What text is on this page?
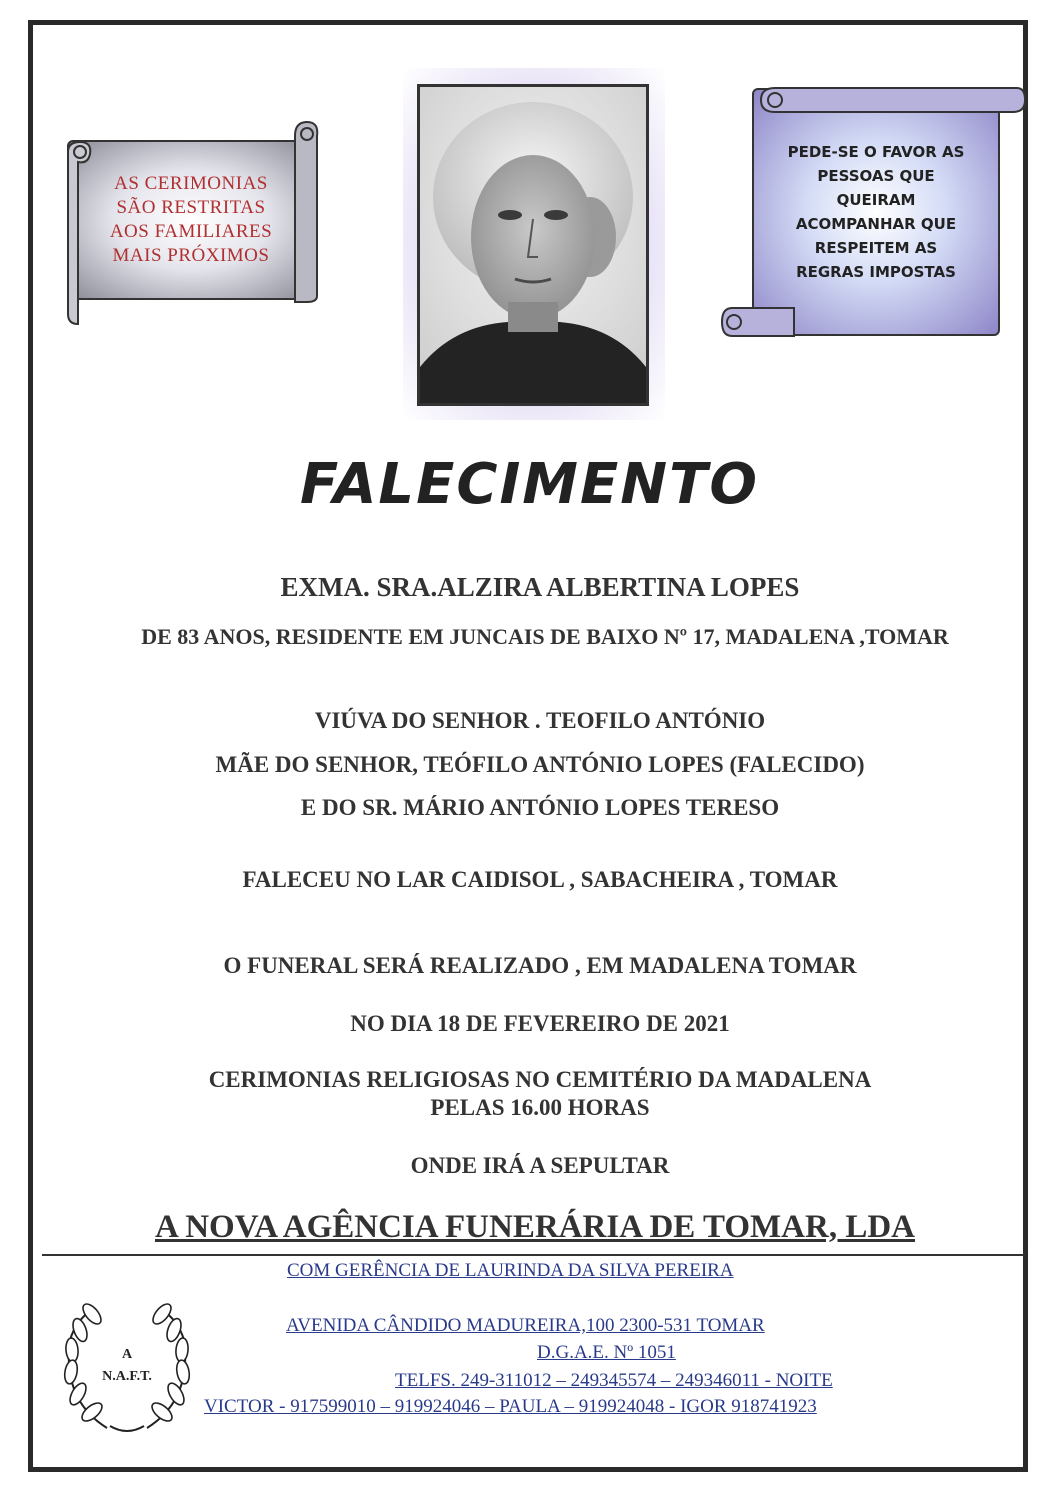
AS CERIMONIAS
SÃO RESTRITAS
AOS FAMILIARES
MAIS PRÓXIMOS
PEDE-SE O FAVOR AS
PESSOAS QUE
QUEIRAM
ACOMPANHAR QUE
RESPEITEM AS
REGRAS IMPOSTAS
FALECIMENTO
EXMA. SRA.ALZIRA ALBERTINA LOPES
DE 83 ANOS, RESIDENTE EM JUNCAIS DE BAIXO Nº 17, MADALENA ,TOMAR
VIÚVA DO SENHOR . TEOFILO ANTÓNIO
MÃE DO SENHOR, TEÓFILO ANTÓNIO LOPES (FALECIDO)
E DO SR. MÁRIO ANTÓNIO LOPES TERESO
FALECEU NO LAR CAIDISOL , SABACHEIRA , TOMAR
O FUNERAL SERÁ REALIZADO , EM MADALENA TOMAR
NO DIA 18 DE FEVEREIRO DE 2021
CERIMONIAS RELIGIOSAS NO CEMITÉRIO DA MADALENA
PELAS 16.00 HORAS
ONDE IRÁ A SEPULTAR
A NOVA AGÊNCIA FUNERÁRIA DE TOMAR, LDA
COM GERÊNCIA DE LAURINDA DA SILVA PEREIRA
AVENIDA CÂNDIDO MADUREIRA,100 2300-531 TOMAR
D.G.A.E. Nº 1051
TELFS. 249-311012 – 249345574 – 249346011 - NOITE
VICTOR - 917599010 – 919924046 – PAULA – 919924048 - IGOR 918741923
A
N.A.F.T.
